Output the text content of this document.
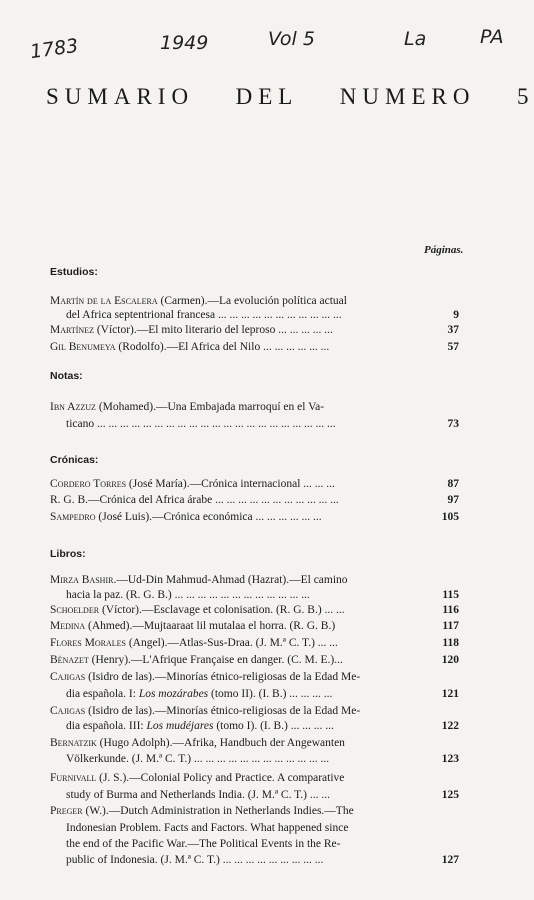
1783	1949	Vol 5	La	PA
SUMARIO DEL NUMERO 5
Páginas.
Estudios:
Martín de la Escalera (Carmen).—La evolución política actual
del Africa septentrional francesa ... ... ... ... ... ... ... ... ... ... ...	9
Martínez (Víctor).—El mito literario del leproso ... ... ... ... ...	37
Gil Benumeya (Rodolfo).—El Africa del Nilo ... ... ... ... ... ...	57
Notas:
Ibn Azzuz (Mohamed).—Una Embajada marroquí en el Va-
ticano ... ... ... ... ... ... ... ... ... ... ... ... ... ... ... ... ... ... ... ... ...	73
Crónicas:
Cordero Torres (José María).—Crónica internacional ... ... ...	87
R. G. B.—Crónica del Africa árabe ... ... ... ... ... ... ... ... ... ... ...	97
Sampedro (José Luis).—Crónica económica ... ... ... ... ... ...	105
Libros:
Mirza Bashir.—Ud-Din Mahmud-Ahmad (Hazrat).—El camino
hacia la paz. (R. G. B.) ... ... ... ... ... ... ... ... ... ... ... ...	115
Schoelder (Víctor).—Esclavage et colonisation. (R. G. B.) ... ...	116
Medina (Ahmed).—Mujtaaraat lil mutalaa el horra. (R. G. B.)	117
Flores Morales (Angel).—Atlas-Sus-Draa. (J. M.ª C. T.) ... ...	118
Bénazet (Henry).—L'Afrique Française en danger. (C. M. E.)...	120
Cajigas (Isidro de las).—Minorías étnico-religiosas de la Edad Me-
dia española. I: Los mozárabes (tomo II). (I. B.) ... ... ... ...	121
Cajigas (Isidro de las).—Minorías étnico-religiosas de la Edad Me-
dia española. III: Los mudéjares (tomo I). (I. B.) ... ... ... ...	122
Bernatzik (Hugo Adolph).—Afrika, Handbuch der Angewanten
Völkerkunde. (J. M.ª C. T.) ... ... ... ... ... ... ... ... ... ... ... ...	123
Furnivall (J. S.).—Colonial Policy and Practice. A comparative
study of Burma and Netherlands India. (J. M.ª C. T.) ... ...	125
Preger (W.).—Dutch Administration in Netherlands Indies.—The
Indonesian Problem. Facts and Factors. What happened since
the end of the Pacific War.—The Political Events in the Re-
public of Indonesia. (J. M.ª C. T.) ... ... ... ... ... ... ... ... ...	127
